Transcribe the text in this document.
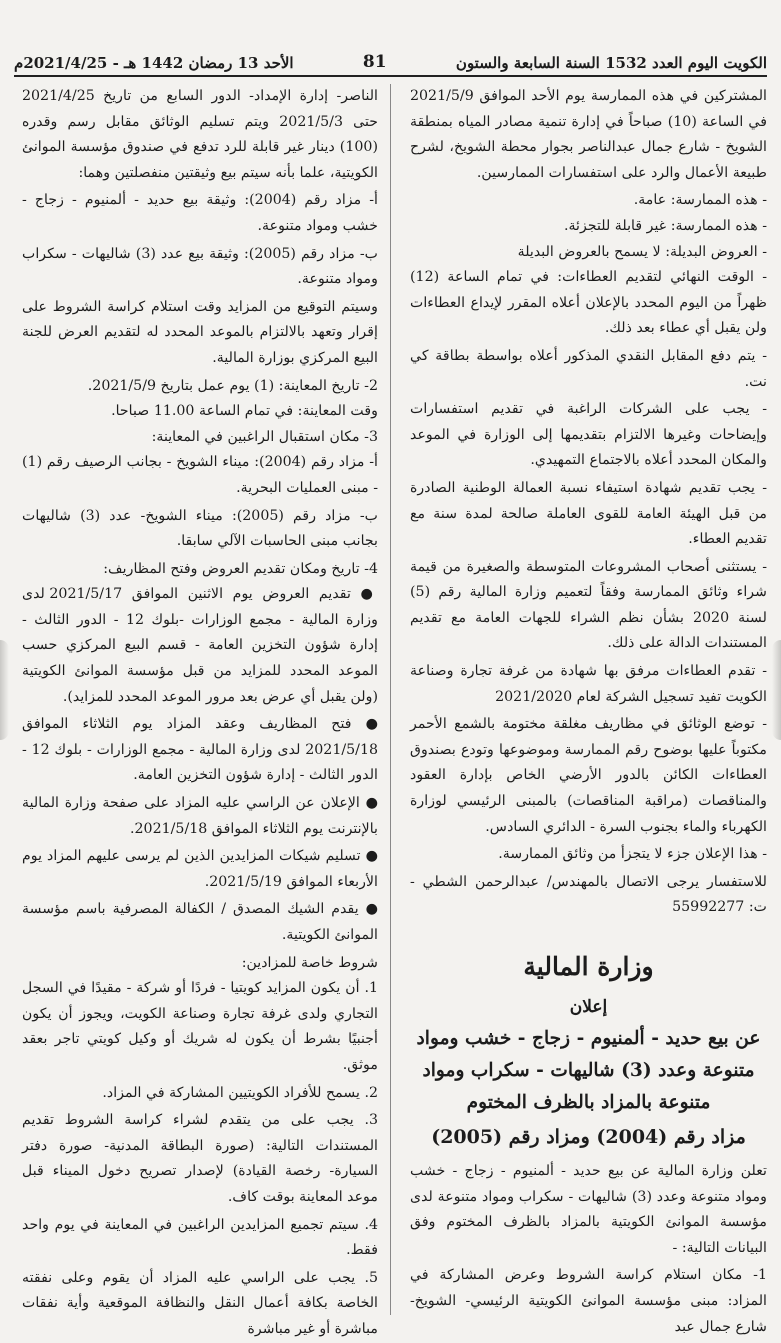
الكويت اليوم العدد 1532 السنة السابعة والستون
81
الأحد 13 رمضان 1442 هـ - 2021/4/25م

المشتركين في هذه الممارسة يوم الأحد الموافق 2021/5/9 في الساعة (10) صباحاً في إدارة تنمية مصادر المياه بمنطقة الشويخ - شارع جمال عبدالناصر بجوار محطة الشويخ، لشرح طبيعة الأعمال والرد على استفسارات الممارسين.

- هذه الممارسة: عامة.

- هذه الممارسة: غير قابلة للتجزئة.

- العروض البديلة: لا يسمح بالعروض البديلة

- الوقت النهائي لتقديم العطاءات: في تمام الساعة (12) ظهراً من اليوم المحدد بالإعلان أعلاه المقرر لإيداع العطاءات ولن يقبل أي عطاء بعد ذلك.

- يتم دفع المقابل النقدي المذكور أعلاه بواسطة بطاقة كي نت.

- يجب على الشركات الراغبة في تقديم استفسارات وإيضاحات وغيرها الالتزام بتقديمها إلى الوزارة في الموعد والمكان المحدد أعلاه بالاجتماع التمهيدي.

- يجب تقديم شهادة استيفاء نسبة العمالة الوطنية الصادرة من قبل الهيئة العامة للقوى العاملة صالحة لمدة سنة مع تقديم العطاء.

- يستثنى أصحاب المشروعات المتوسطة والصغيرة من قيمة شراء وثائق الممارسة وفقاً لتعميم وزارة المالية رقم (5) لسنة 2020 بشأن نظم الشراء للجهات العامة مع تقديم المستندات الدالة على ذلك.

- تقدم العطاءات مرفق بها شهادة من غرفة تجارة وصناعة الكويت تفيد تسجيل الشركة لعام 2021/2020

- توضع الوثائق في مظاريف مغلقة مختومة بالشمع الأحمر مكتوباً عليها بوضوح رقم الممارسة وموضوعها وتودع بصندوق العطاءات الكائن بالدور الأرضي الخاص بإدارة العقود والمناقصات (مراقبة المناقصات) بالمبنى الرئيسي لوزارة الكهرباء والماء بجنوب السرة - الدائري السادس.

- هذا الإعلان جزء لا يتجزأ من وثائق الممارسة.

للاستفسار يرجى الاتصال بالمهندس/ عبدالرحمن الشطي - ت: 55992277

وزارة المالية
إعلان
عن بيع حديد - ألمنيوم - زجاج - خشب ومواد متنوعة وعدد (3) شاليهات - سكراب ومواد متنوعة بالمزاد بالظرف المختوم
مزاد رقم (2004) ومزاد رقم (2005)

تعلن وزارة المالية عن بيع حديد - ألمنيوم - زجاج - خشب ومواد متنوعة وعدد (3) شاليهات - سكراب ومواد متنوعة لدى مؤسسة الموانئ الكويتية بالمزاد بالظرف المختوم وفق البيانات التالية: -

1- مكان استلام كراسة الشروط وعرض المشاركة في المزاد: مبنى مؤسسة الموانئ الكويتية الرئيسي- الشويخ- شارع جمال عبد

الناصر- إدارة الإمداد- الدور السابع من تاريخ 2021/4/25 حتى 2021/5/3 ويتم تسليم الوثائق مقابل رسم وقدره (100) دينار غير قابلة للرد تدفع في صندوق مؤسسة الموانئ الكويتية، علما بأنه سيتم بيع وثيقتين منفصلتين وهما:

أ- مزاد رقم (2004): وثيقة بيع حديد - ألمنيوم - زجاج - خشب ومواد متنوعة.

ب- مزاد رقم (2005): وثيقة بيع عدد (3) شاليهات - سكراب ومواد متنوعة.

وسيتم التوقيع من المزايد وقت استلام كراسة الشروط على إقرار وتعهد بالالتزام بالموعد المحدد له لتقديم العرض للجنة البيع المركزي بوزارة المالية.

2- تاريخ المعاينة: (1) يوم عمل بتاريخ 2021/5/9.

وقت المعاينة: في تمام الساعة 11.00 صباحا.

3- مكان استقبال الراغبين في المعاينة:

أ- مزاد رقم (2004): ميناء الشويخ - بجانب الرصيف رقم (1) - مبنى العمليات البحرية.

ب- مزاد رقم (2005): ميناء الشويخ- عدد (3) شاليهات بجانب مبنى الحاسبات الآلي سابقا.

4- تاريخ ومكان تقديم العروض وفتح المظاريف:

● تقديم العروض يوم الاثنين الموافق 2021/5/17 لدى وزارة المالية - مجمع الوزارات -بلوك 12 - الدور الثالث - إدارة شؤون التخزين العامة - قسم البيع المركزي حسب الموعد المحدد للمزايد من قبل مؤسسة الموانئ الكويتية (ولن يقبل أي عرض بعد مرور الموعد المحدد للمزايد).

● فتح المظاريف وعقد المزاد يوم الثلاثاء الموافق 2021/5/18 لدى وزارة المالية - مجمع الوزارات - بلوك 12 - الدور الثالث - إدارة شؤون التخزين العامة.

● الإعلان عن الراسي عليه المزاد على صفحة وزارة المالية بالإنترنت يوم الثلاثاء الموافق 2021/5/18.

● تسليم شيكات المزايدين الذين لم يرسى عليهم المزاد يوم الأربعاء الموافق 2021/5/19.

● يقدم الشيك المصدق / الكفالة المصرفية باسم مؤسسة الموانئ الكويتية.

شروط خاصة للمزادين:

1. أن يكون المزايد كويتيا - فردًا أو شركة - مقيدًا في السجل التجاري ولدى غرفة تجارة وصناعة الكويت، ويجوز أن يكون أجنبيًا بشرط أن يكون له شريك أو وكيل كويتي تاجر بعقد موثق.

2. يسمح للأفراد الكويتيين المشاركة في المزاد.

3. يجب على من يتقدم لشراء كراسة الشروط تقديم المستندات التالية: (صورة البطاقة المدنية- صورة دفتر السيارة- رخصة القيادة) لإصدار تصريح دخول الميناء قبل موعد المعاينة بوقت كاف.

4. سيتم تجميع المزايدين الراغبين في المعاينة في يوم واحد فقط.

5. يجب على الراسي عليه المزاد أن يقوم وعلى نفقته الخاصة بكافة أعمال النقل والنظافة الموقعية وأية نفقات مباشرة أو غير مباشرة
